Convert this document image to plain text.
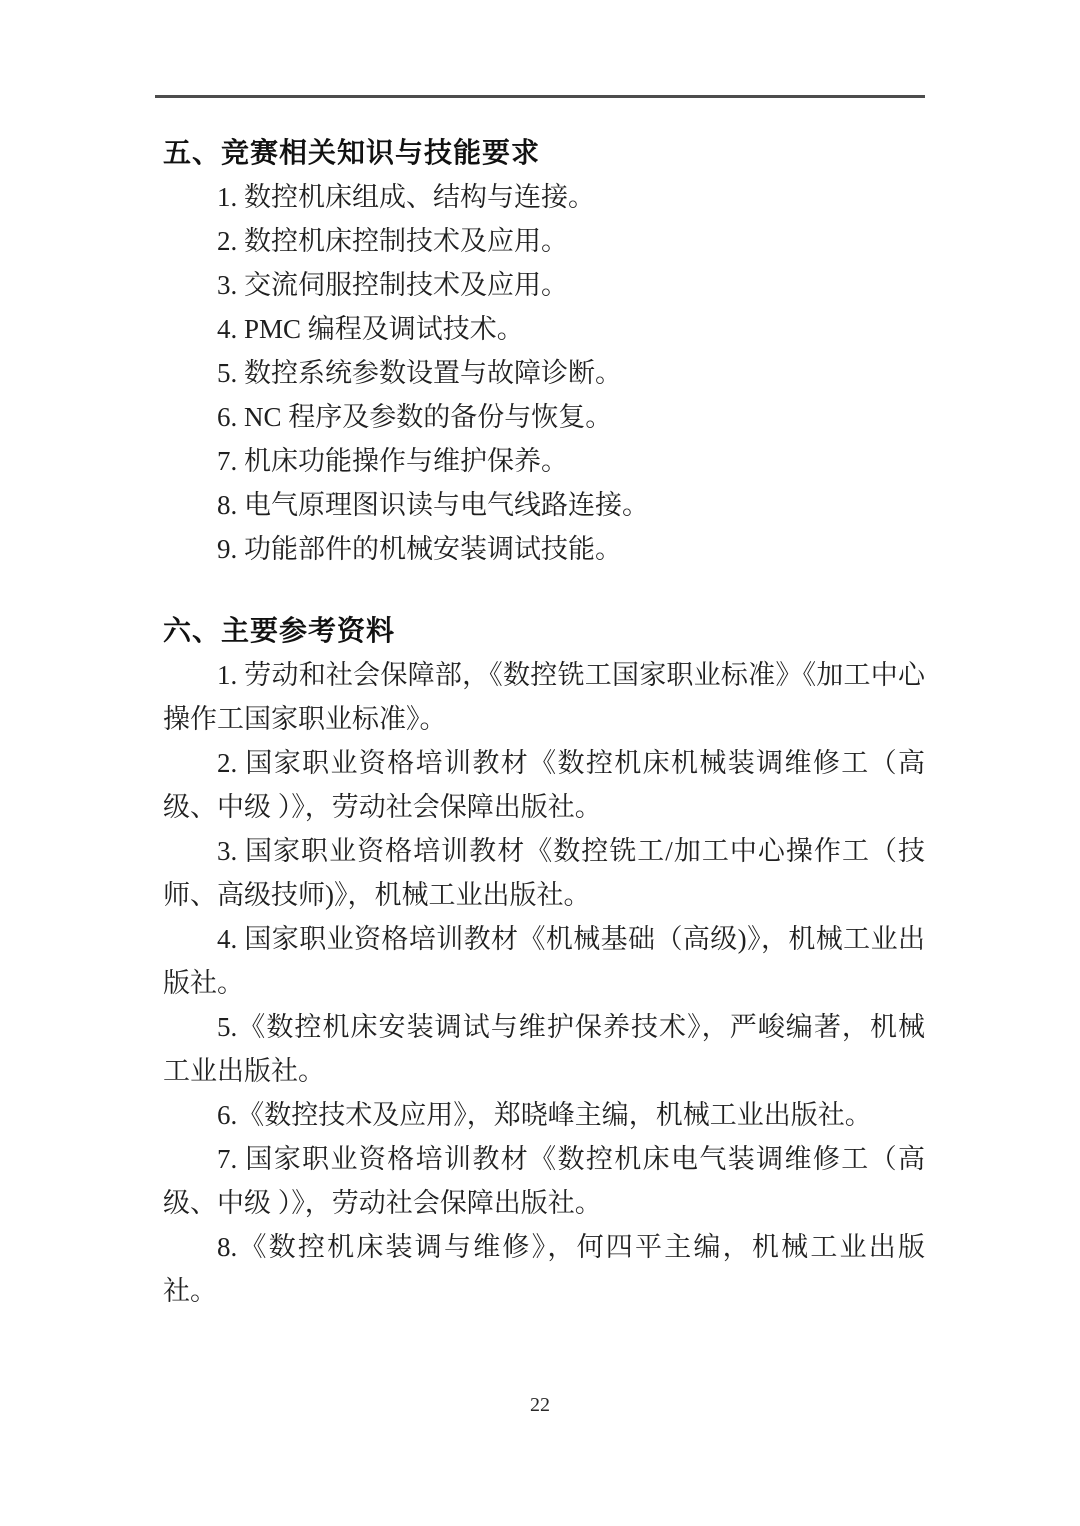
五、竞赛相关知识与技能要求

1. 数控机床组成、结构与连接。

2. 数控机床控制技术及应用。

3. 交流伺服控制技术及应用。

4. PMC 编程及调试技术。

5. 数控系统参数设置与故障诊断。

6. NC 程序及参数的备份与恢复。

7. 机床功能操作与维护保养。

8. 电气原理图识读与电气线路连接。

9. 功能部件的机械安装调试技能。

六、主要参考资料

1. 劳动和社会保障部，《数控铣工国家职业标准》《加工中心操作工国家职业标准》。

2. 国家职业资格培训教材《数控机床机械装调维修工（高级、中级 ）》，劳动社会保障出版社。

3. 国家职业资格培训教材《数控铣工/加工中心操作工（技师、高级技师)》，机械工业出版社。

4. 国家职业资格培训教材《机械基础（高级)》，机械工业出版社。

5.《数控机床安装调试与维护保养技术》，严峻编著，机械工业出版社。

6.《数控技术及应用》，郑晓峰主编，机械工业出版社。

7. 国家职业资格培训教材《数控机床电气装调维修工（高级、中级 ）》，劳动社会保障出版社。

8.《数控机床装调与维修》，何四平主编，机械工业出版社。

22
